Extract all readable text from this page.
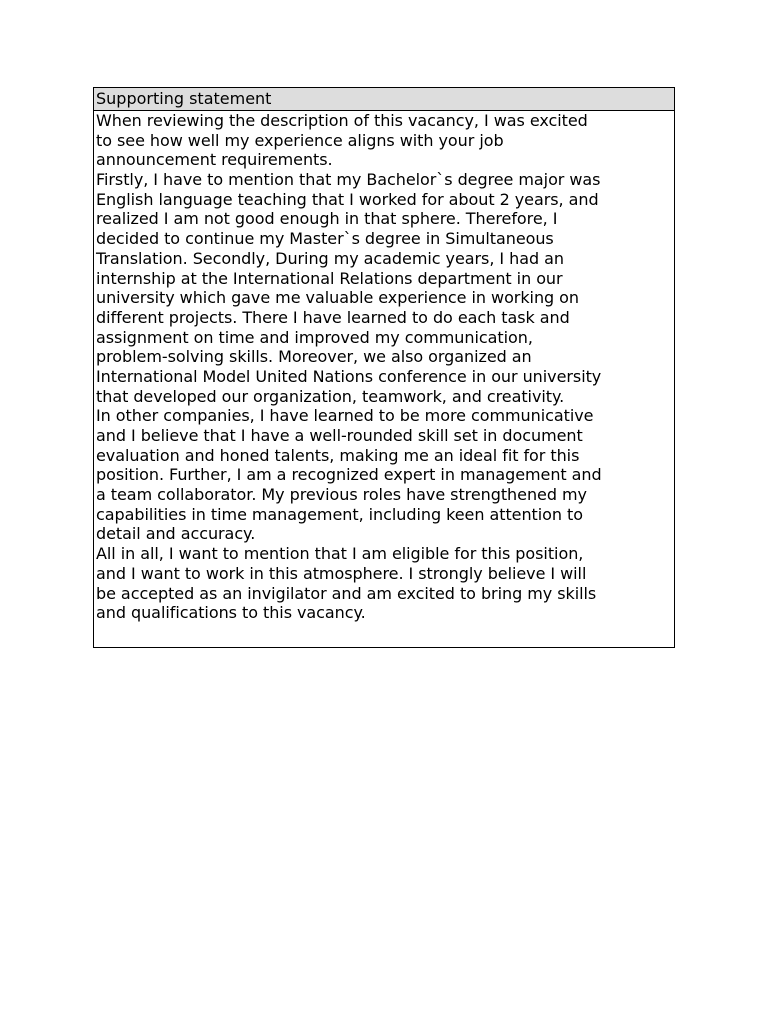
Supporting statement
When reviewing the description of this vacancy, I was excited
to see how well my experience aligns with your job
announcement requirements.
Firstly, I have to mention that my Bachelor`s degree major was
English language teaching that I worked for about 2 years, and
realized I am not good enough in that sphere. Therefore, I
decided to continue my Master`s degree in Simultaneous
Translation. Secondly, During my academic years, I had an
internship at the International Relations department in our
university which gave me valuable experience in working on
different projects. There I have learned to do each task and
assignment on time and improved my communication,
problem-solving skills. Moreover, we also organized an
International Model United Nations conference in our university
that developed our organization, teamwork, and creativity.
In other companies, I have learned to be more communicative
and I believe that I have a well-rounded skill set in document
evaluation and honed talents, making me an ideal fit for this
position. Further, I am a recognized expert in management and
a team collaborator. My previous roles have strengthened my
capabilities in time management, including keen attention to
detail and accuracy.
All in all, I want to mention that I am eligible for this position,
and I want to work in this atmosphere. I strongly believe I will
be accepted as an invigilator and am excited to bring my skills
and qualifications to this vacancy.
